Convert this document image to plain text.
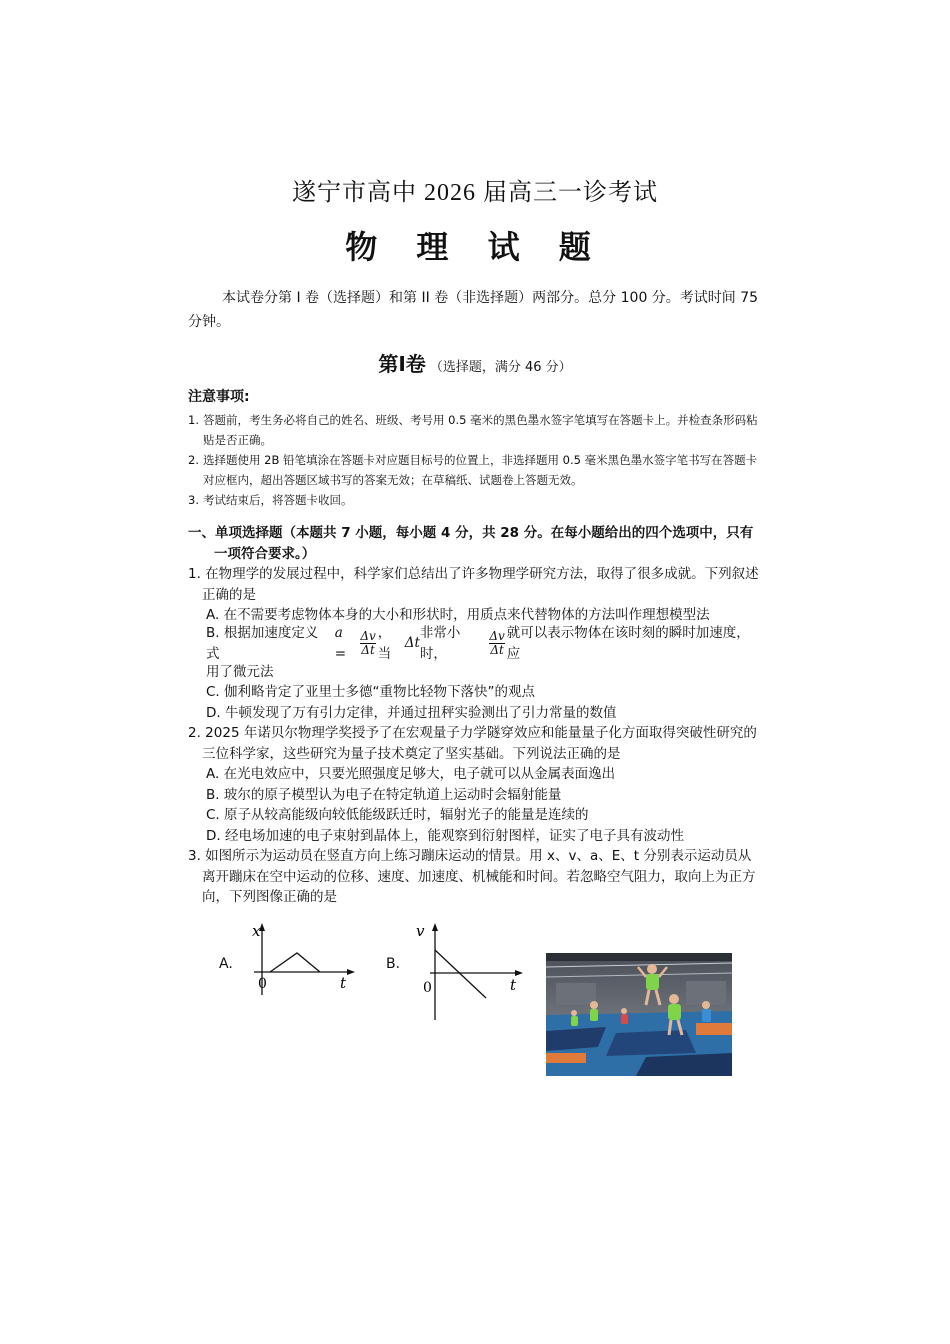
遂宁市高中 2026 届高三一诊考试
物 理 试 题
本试卷分第 I 卷（选择题）和第 II 卷（非选择题）两部分。总分 100 分。考试时间 75 分钟。
第Ⅰ卷 （选择题，满分 46 分）
注意事项:
1. 答题前，考生务必将自己的姓名、班级、考号用 0.5 毫米的黑色墨水签字笔填写在答题卡上。并检查条形码粘贴是否正确。
2. 选择题使用 2B 铅笔填涂在答题卡对应题目标号的位置上，非选择题用 0.5 毫米黑色墨水签字笔书写在答题卡对应框内，超出答题区域书写的答案无效；在草稿纸、试题卷上答题无效。
3. 考试结束后，将答题卡收回。
一、单项选择题（本题共 7 小题，每小题 4 分，共 28 分。在每小题给出的四个选项中，只有一项符合要求。）
1. 在物理学的发展过程中，科学家们总结出了许多物理学研究方法，取得了很多成就。下列叙述正确的是
A. 在不需要考虑物体本身的大小和形状时，用质点来代替物体的方法叫作理想模型法
B. 根据加速度定义式
a =	$\frac{\Delta v}{\Delta t}$ ，当
Δt
非常小时，	$\frac{\Delta v}{\Delta t}$ 就可以表示物体在该时刻的瞬时加速度，应
用了微元法
C. 伽利略肯定了亚里士多德“重物比轻物下落快”的观点
D. 牛顿发现了万有引力定律，并通过扭秤实验测出了引力常量的数值
2. 2025 年诺贝尔物理学奖授予了在宏观量子力学隧穿效应和能量量子化方面取得突破性研究的三位科学家，这些研究为量子技术奠定了坚实基础。下列说法正确的是
A. 在光电效应中，只要光照强度足够大，电子就可以从金属表面逸出
B. 玻尔的原子模型认为电子在特定轨道上运动时会辐射能量
C. 原子从较高能级向较低能级跃迁时，辐射光子的能量是连续的
D. 经电场加速的电子束射到晶体上，能观察到衍射图样，证实了电子具有波动性
3. 如图所示为运动员在竖直方向上练习蹦床运动的情景。用 x、v、a、E、t 分别表示运动员从离开蹦床在空中运动的位移、速度、加速度、机械能和时间。若忽略空气阻力，取向上为正方向，下列图像正确的是
A.
x
t
0
B.
v
t
0
